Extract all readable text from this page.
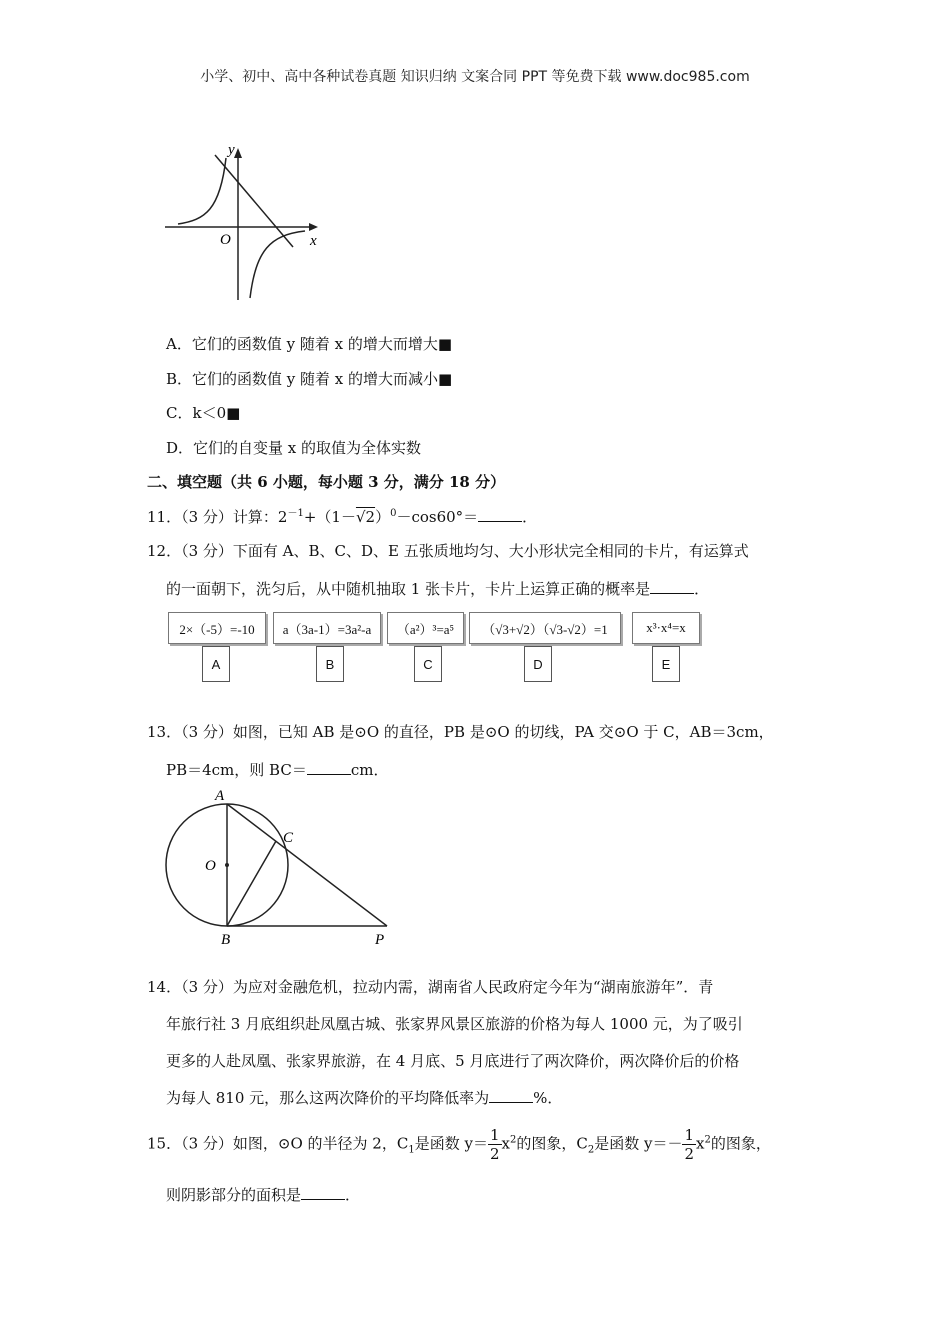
小学、初中、高中各种试卷真题 知识归纳 文案合同 PPT 等免费下载 www.doc985.com
y
x
O
A．它们的函数值 y 随着 x 的增大而增大■
B．它们的函数值 y 随着 x 的增大而减小■
C．k＜0■
D．它们的自变量 x 的取值为全体实数
二、填空题（共 6 小题，每小题 3 分，满分 18 分）
11．（3 分）计算：$2^{-1}+(1-√2)^0-\cos 60^\circ=$	．
12．（3 分）下面有 A、B、C、D、E 五张质地均匀、大小形状完全相同的卡片，有运算式
的一面朝下，洗匀后，从中随机抽取 1 张卡片，卡片上运算正确的概率是	．
2×（-5）=-10
A
a（3a-1）=3a²-a
B
（a²）³=a⁵
C
（√3+√2）（√3-√2）=1
D
x³·x⁴=x
E
13．（3 分）如图，已知 AB 是⊙O 的直径，PB 是⊙O 的切线，PA 交⊙O 于 C，AB＝3cm，
PB＝4cm，则 BC＝	cm．
A
B
C
O
P
14．（3 分）为应对金融危机，拉动内需，湖南省人民政府定今年为“湖南旅游年”．青
年旅行社 3 月底组织赴凤凰古城、张家界风景区旅游的价格为每人 1000 元，为了吸引
更多的人赴凤凰、张家界旅游，在 4 月底、5 月底进行了两次降价，两次降价后的价格
为每人 810 元，那么这两次降价的平均降低率为	%．
15．（3 分）如图，⊙O 的半径为 2，$C_1$是函数 $y= \frac{1}{2} x^2$的图象，$C_2$是函数 $y=- \frac{1}{2} x^2$的图象，
则阴影部分的面积是	．
